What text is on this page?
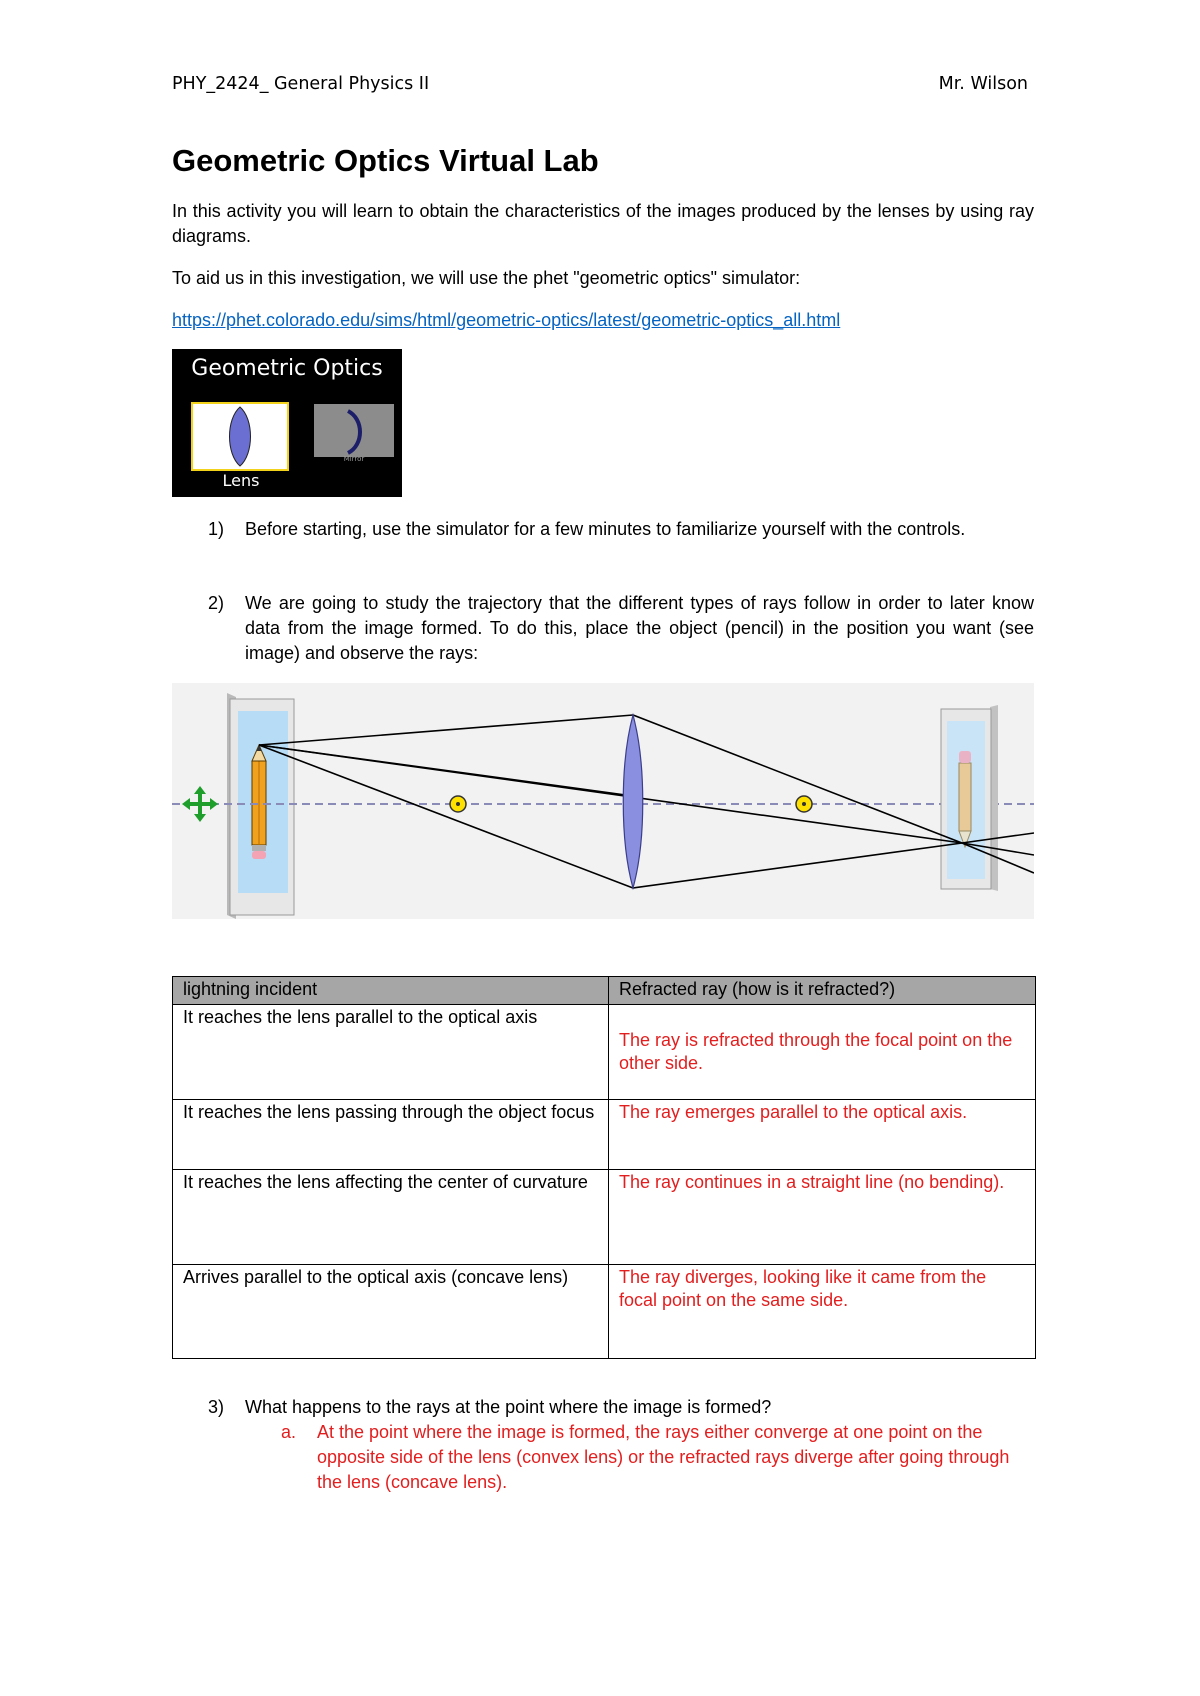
PHY_2424_ General Physics II	Mr. Wilson
Geometric Optics Virtual Lab

In this activity you will learn to obtain the characteristics of the images produced by the lenses by using ray diagrams.

To aid us in this investigation, we will use the phet "geometric optics" simulator:

https://phet.colorado.edu/sims/html/geometric-optics/latest/geometric-optics_all.html

Geometric Optics
Lens
Mirror
1) Before starting, use the simulator for a few minutes to familiarize yourself with the controls.
2) We are going to study the trajectory that the different types of rays follow in order to later know data from the image formed. To do this, place the object (pencil) in the position you want (see image) and observe the rays:
lightning incident	Refracted ray (how is it refracted?)
It reaches the lens parallel to the optical axis	The ray is refracted through the focal point on the other side.
It reaches the lens passing through the object focus	The ray emerges parallel to the optical axis.
It reaches the lens affecting the center of curvature	The ray continues in a straight line (no bending).
Arrives parallel to the optical axis (concave lens)	The ray diverges, looking like it came from the focal point on the same side.
3) What happens to the rays at the point where the image is formed?
a. At the point where the image is formed, the rays either converge at one point on the opposite side of the lens (convex lens) or the refracted rays diverge after going through the lens (concave lens).
